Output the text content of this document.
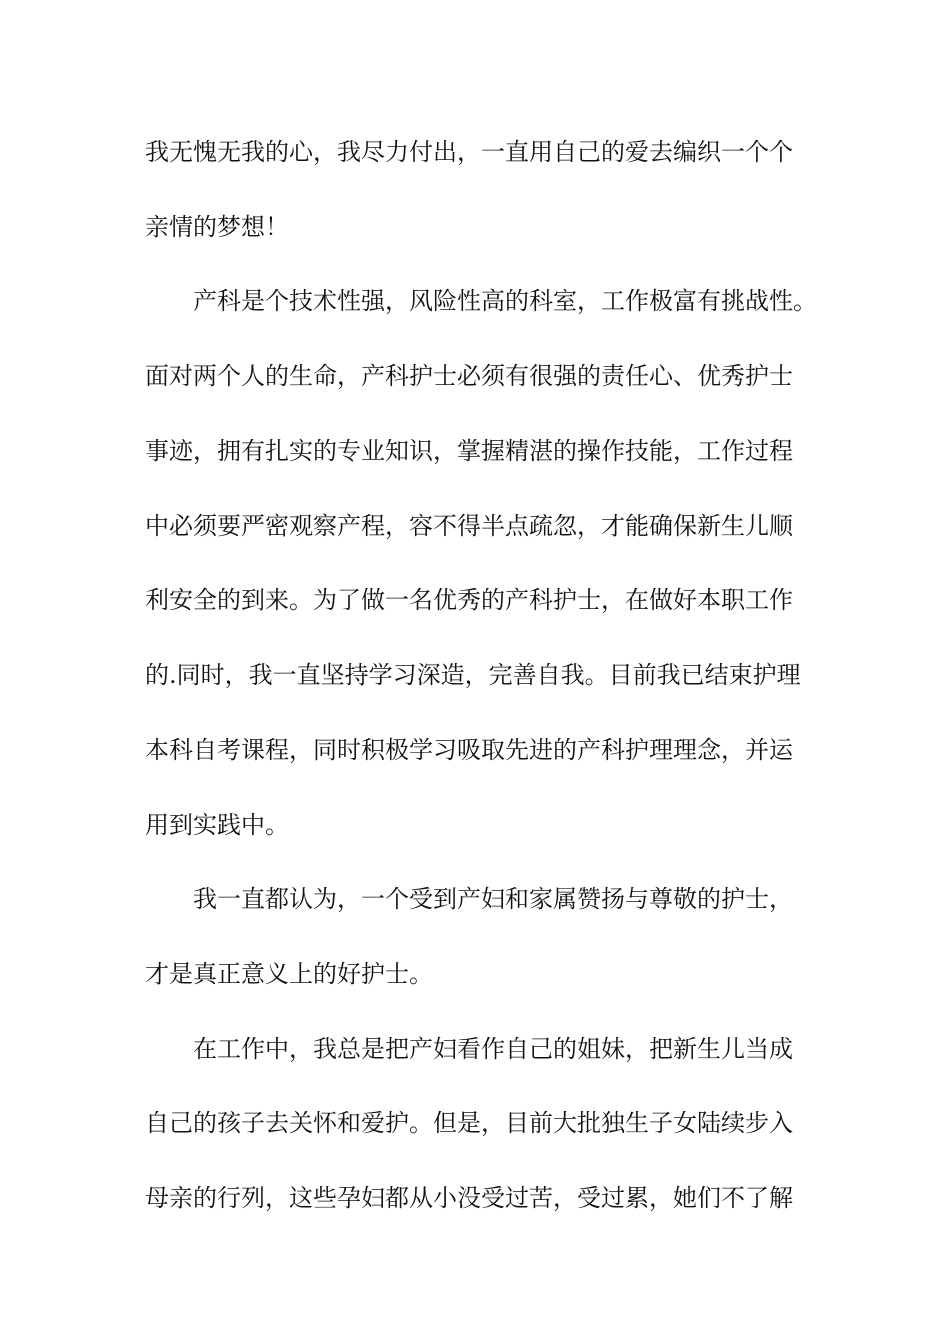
我无愧无我的心，我尽力付出，一直用自己的爱去编织一个个
亲情的梦想！
产科是个技术性强，风险性高的科室，工作极富有挑战性。
面对两个人的生命，产科护士必须有很强的责任心、优秀护士
事迹，拥有扎实的专业知识，掌握精湛的操作技能，工作过程
中必须要严密观察产程，容不得半点疏忽，才能确保新生儿顺
利安全的到来。为了做一名优秀的产科护士，在做好本职工作
的.同时，我一直坚持学习深造，完善自我。目前我已结束护理
本科自考课程，同时积极学习吸取先进的产科护理理念，并运
用到实践中。
我一直都认为，一个受到产妇和家属赞扬与尊敬的护士，
才是真正意义上的好护士。
在工作中，我总是把产妇看作自己的姐妹，把新生儿当成
自己的孩子去关怀和爱护。但是，目前大批独生子女陆续步入
母亲的行列，这些孕妇都从小没受过苦，受过累，她们不了解
